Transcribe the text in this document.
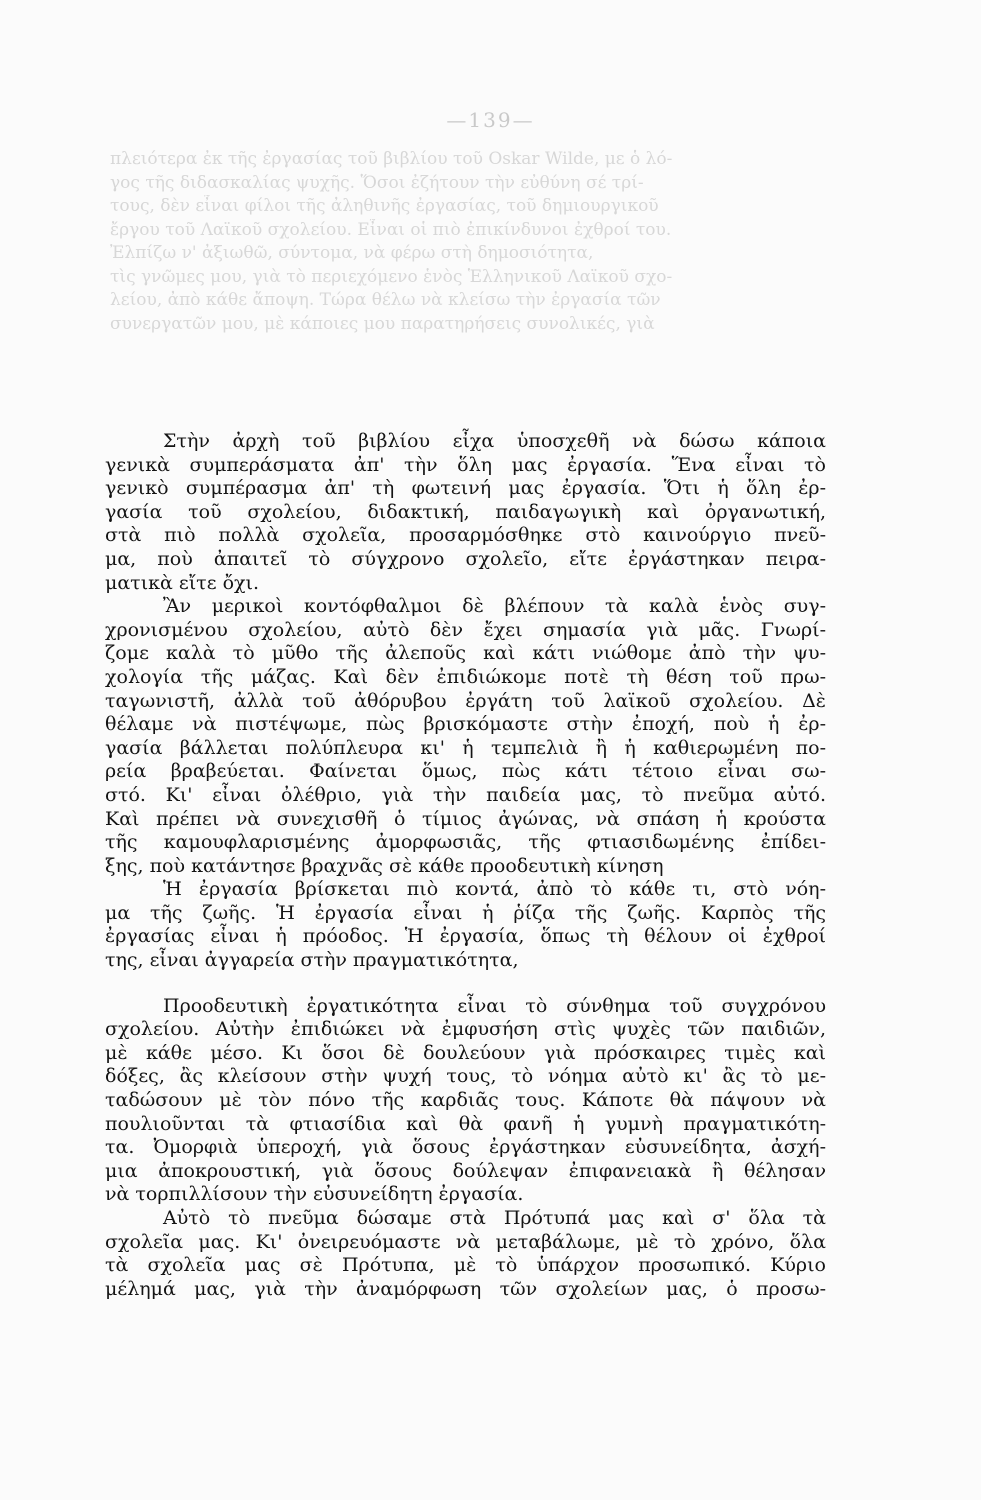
—139—
πλειότερα ἐκ τῆς ἐργασίας τοῦ βιβλίου τοῦ Oskar Wilde, με ὁ λό-
γος τῆς διδασκαλίας ψυχῆς. Ὅσοι ἐζήτουν τὴν εὐθύνη σέ τρί-
τους, δὲν εἶναι φίλοι τῆς ἀληθινῆς ἐργασίας, τοῦ δημιουργικοῦ
ἔργου τοῦ Λαϊκοῦ σχολείου. Εἶναι οἱ πιὸ ἐπικίνδυνοι ἐχθροί του.
Ἐλπίζω ν' ἀξιωθῶ, σύντομα, νὰ φέρω στὴ δημοσιότητα,
τὶς γνῶμες μου, γιὰ τὸ περιεχόμενο ἑνὸς Ἑλληνικοῦ Λαϊκοῦ σχο-
λείου, ἀπὸ κάθε ἄποψη. Τώρα θέλω νὰ κλείσω τὴν ἐργασία τῶν
συνεργατῶν μου, μὲ κάποιες μου παρατηρήσεις συνολικές, γιὰ
Στὴν ἀρχὴ τοῦ βιβλίου εἶχα ὑποσχεθῆ νὰ δώσω κάποια
γενικὰ συμπεράσματα ἀπ' τὴν ὅλη μας ἐργασία. Ἕνα εἶναι τὸ
γενικὸ συμπέρασμα ἀπ' τὴ φωτεινή μας ἐργασία. Ὅτι ἡ ὅλη ἐρ-
γασία τοῦ σχολείου, διδακτική, παιδαγωγικὴ καὶ ὀργανωτική,
στὰ πιὸ πολλὰ σχολεῖα, προσαρμόσθηκε στὸ καινούργιο πνεῦ-
μα, ποὺ ἀπαιτεῖ τὸ σύγχρονο σχολεῖο, εἴτε ἐργάστηκαν πειρα-
ματικὰ εἴτε ὄχι.
Ἂν μερικοὶ κοντόφθαλμοι δὲ βλέπουν τὰ καλὰ ἑνὸς συγ-
χρονισμένου σχολείου, αὐτὸ δὲν ἔχει σημασία γιὰ μᾶς. Γνωρί-
ζομε καλὰ τὸ μῦθο τῆς ἀλεποῦς καὶ κάτι νιώθομε ἀπὸ τὴν ψυ-
χολογία τῆς μάζας. Καὶ δὲν ἐπιδιώκομε ποτὲ τὴ θέση τοῦ πρω-
ταγωνιστῆ, ἀλλὰ τοῦ ἀθόρυβου ἐργάτη τοῦ λαϊκοῦ σχολείου. Δὲ
θέλαμε νὰ πιστέψωμε, πὼς βρισκόμαστε στὴν ἐποχή, ποὺ ἡ ἐρ-
γασία βάλλεται πολύπλευρα κι' ἡ τεμπελιὰ ἢ ἡ καθιερωμένη πο-
ρεία βραβεύεται. Φαίνεται ὅμως, πὼς κάτι τέτοιο εἶναι σω-
στό. Κι' εἶναι ὀλέθριο, γιὰ τὴν παιδεία μας, τὸ πνεῦμα αὐτό.
Καὶ πρέπει νὰ συνεχισθῆ ὁ τίμιος ἀγώνας, νὰ σπάση ἡ κρούστα
τῆς καμουφλαρισμένης ἀμορφωσιᾶς, τῆς φτιασιδωμένης ἐπίδει-
ξης, ποὺ κατάντησε βραχνᾶς σὲ κάθε προοδευτικὴ κίνηση
Ἡ ἐργασία βρίσκεται πιὸ κοντά, ἀπὸ τὸ κάθε τι, στὸ νόη-
μα τῆς ζωῆς. Ἡ ἐργασία εἶναι ἡ ῥίζα τῆς ζωῆς. Καρπὸς τῆς
ἐργασίας εἶναι ἡ πρόοδος. Ἡ ἐργασία, ὅπως τὴ θέλουν οἱ ἐχθροί
της, εἶναι ἀγγαρεία στὴν πραγματικότητα,
Προοδευτικὴ ἐργατικότητα εἶναι τὸ σύνθημα τοῦ συγχρόνου
σχολείου. Αὐτὴν ἐπιδιώκει νὰ ἐμφυσήση στὶς ψυχὲς τῶν παιδιῶν,
μὲ κάθε μέσο. Κι ὅσοι δὲ δουλεύουν γιὰ πρόσκαιρες τιμὲς καὶ
δόξες, ἂς κλείσουν στὴν ψυχή τους, τὸ νόημα αὐτὸ κι' ἂς τὸ με-
ταδώσουν μὲ τὸν πόνο τῆς καρδιᾶς τους. Κάποτε θὰ πάψουν νὰ
πουλιοῦνται τὰ φτιασίδια καὶ θὰ φανῆ ἡ γυμνὴ πραγματικότη-
τα. Ὀμορφιὰ ὑπεροχή, γιὰ ὅσους ἐργάστηκαν εὐσυνείδητα, ἀσχή-
μια ἀποκρουστική, γιὰ ὅσους δούλεψαν ἐπιφανειακὰ ἢ θέλησαν
νὰ τορπιλλίσουν τὴν εὐσυνείδητη ἐργασία.
Αὐτὸ τὸ πνεῦμα δώσαμε στὰ Πρότυπά μας καὶ σ' ὅλα τὰ
σχολεῖα μας. Κι' ὀνειρευόμαστε νὰ μεταβάλωμε, μὲ τὸ χρόνο, ὅλα
τὰ σχολεῖα μας σὲ Πρότυπα, μὲ τὸ ὑπάρχον προσωπικό. Κύριο
μέλημά μας, γιὰ τὴν ἀναμόρφωση τῶν σχολείων μας, ὁ προσω-
